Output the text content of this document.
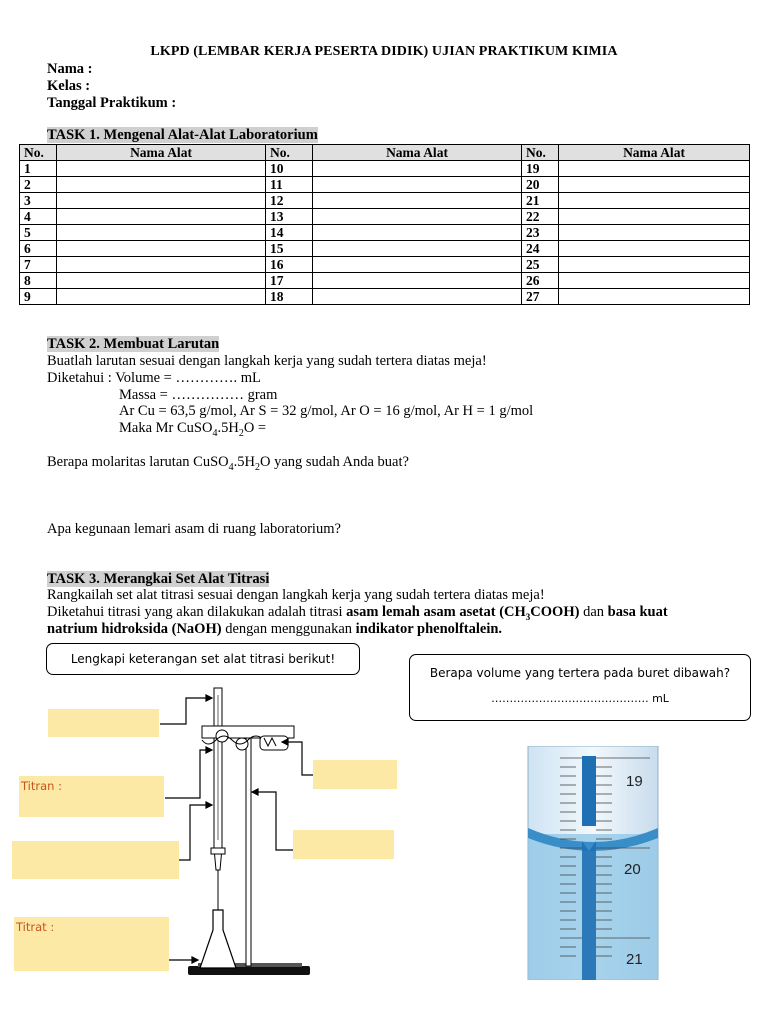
LKPD (LEMBAR KERJA PESERTA DIDIK) UJIAN PRAKTIKUM KIMIA
Nama :
Kelas :
Tanggal Praktikum :
TASK 1. Mengenal Alat-Alat Laboratorium
No.	Nama Alat	No.	Nama Alat	No.	Nama Alat
1		10		19	
2		11		20	
3		12		21	
4		13		22	
5		14		23	
6		15		24	
7		16		25	
8		17		26	
9		18		27	
TASK 2. Membuat Larutan
Buatlah larutan sesuai dengan langkah kerja yang sudah tertera diatas meja!
Diketahui : Volume = …………. mL
Massa = …………… gram
Ar Cu = 63,5 g/mol, Ar S = 32 g/mol, Ar O = 16 g/mol, Ar H = 1 g/mol
Maka Mr $CuSO_4.5H_2O$ =
Berapa molaritas larutan $CuSO_4.5H_2O$ yang sudah Anda buat?
Apa kegunaan lemari asam di ruang laboratorium?
TASK 3. Merangkai Set Alat Titrasi
Rangkailah set alat titrasi sesuai dengan langkah kerja yang sudah tertera diatas meja!
Diketahui titrasi yang akan dilakukan adalah titrasi asam lemah asam asetat $(CH_3COOH)$ dan basa kuat
natrium hidroksida (NaOH) dengan menggunakan indikator phenolftalein.
Lengkapi keterangan set alat titrasi berikut!
Berapa volume yang tertera pada buret dibawah?
……………………………………. mL
Titran :
Titrat :
19
20
21
